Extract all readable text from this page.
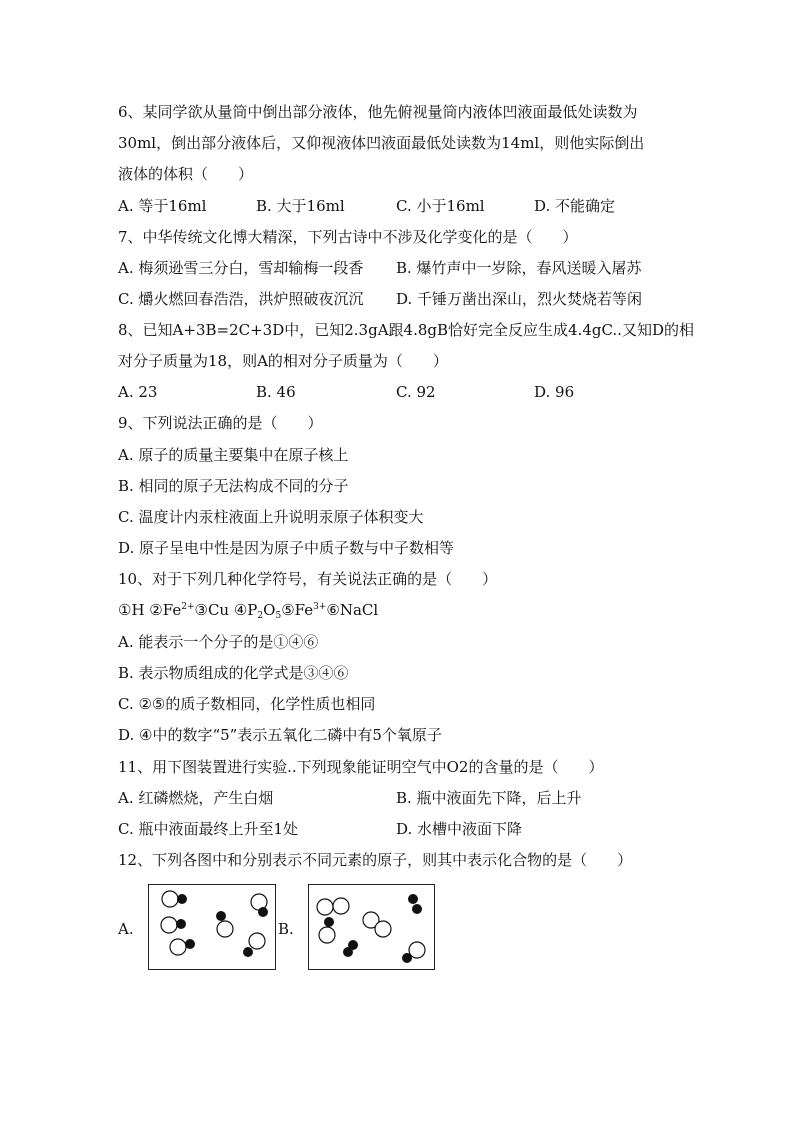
6、某同学欲从量筒中倒出部分液体，他先俯视量筒内液体凹液面最低处读数为
30ml，倒出部分液体后，又仰视液体凹液面最低处读数为14ml，则他实际倒出
液体的体积（　　）
A. 等于16ml	B. 大于16ml	C. 小于16ml	D. 不能确定
7、中华传统文化博大精深，下列古诗中不涉及化学变化的是（　　）
A. 梅须逊雪三分白，雪却输梅一段香 B. 爆竹声中一岁除，春风送暖入屠苏
C. 爝火燃回春浩浩，洪炉照破夜沉沉 D. 千锤万凿出深山，烈火焚烧若等闲
8、已知A+3B=2C+3D中，已知2.3gA跟4.8gB恰好完全反应生成4.4gC..又知D的相
对分子质量为18，则A的相对分子质量为（　　）
A. 23	B. 46	C. 92	D. 96
9、下列说法正确的是（　　）
A. 原子的质量主要集中在原子核上
B. 相同的原子无法构成不同的分子
C. 温度计内汞柱液面上升说明汞原子体积变大
D. 原子呈电中性是因为原子中质子数与中子数相等
10、对于下列几种化学符号，有关说法正确的是（　　）
①H $②Fe^{2+}③Cu$ $④P_2O_5⑤Fe^{3+}⑥NaCl$
A. 能表示一个分子的是①④⑥
B. 表示物质组成的化学式是③④⑥
C. ②⑤的质子数相同，化学性质也相同
D. ④中的数字“5”表示五氧化二磷中有5个氧原子
11、用下图装置进行实验..下列现象能证明空气中O2的含量的是（　　）
A. 红磷燃烧，产生白烟	B. 瓶中液面先下降，后上升
C. 瓶中液面最终上升至1处	D. 水槽中液面下降
12、下列各图中和分别表示不同元素的原子，则其中表示化合物的是（　　）
A.	B.
